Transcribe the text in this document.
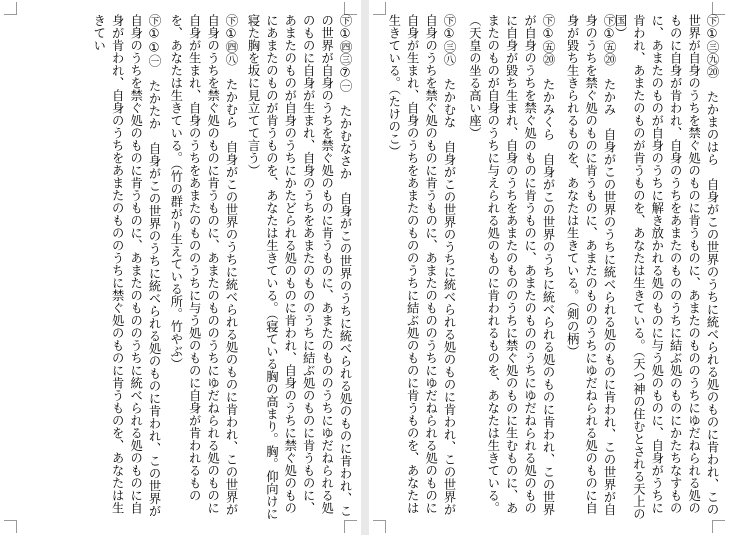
㊦①㊃㊂⑦㊀　たかむなさか　自身がこの世界のうちに統べられる処のものに肯われ、この世界が自身のうちを禁ぐ処のものに肯うものに、あまたのもののうちにゆだねられる処のものに自身が生まれ、自身のうちをあまたのもののうちに結ぶ処のものに肯うものに、あまたのものが自身のうちにかたどられる処のものに肯われ、自身のうちに禁ぐ処のものにあまたのものが肯うものを、あなたは生きている。（寝ている胸の高まり。胸。仰向けに寝た胸を坂に見立てて言う）
㊦①㊃㊇　たかむら　自身がこの世界のうちに統べられる処のものに肯われ、この世界が自身のうちを禁ぐ処のものに肯うものに、あまたのもののうちにゆだねられる処のものに自身が生まれ、自身のうちをあまたのもののうちに与う処のものに自身が肯われるものを、あなたは生きている。（竹の群がり生えている所。竹やぶ）
㊦①①㊀　たかたか　自身がこの世界のうちに統べられる処のものに肯われ、この世界が自身のうちを禁ぐ処のものに肯うものに、あまたのもののうちに統べられる処のものに自身が肯われ、自身のうちをあまたのもののうちに禁ぐ処のものに肯うものを、あなたは生きてい	㊦①㊂㊈⑳　たかまのはら　自身がこの世界のうちに統べられる処のものに肯われ、この世界が自身のうちを禁ぐ処のものに肯うものに、あまたのもののうちにゆだねられる処のものに自身が肯われ、自身のうちをあまたのもののうちに結ぶ処のものにかたちなすものに、あまたのものが自身のうちに解き放かれる処のものに与う処のものに、自身がうちに肯われ、あまたのものが肯うものを、あなたは生きている。（天つ神の住むとされる天上の国）
㊦①㊄⑳　たかみ　自身がこの世界のうちに統べられる処のものに肯われ、この世界が自身のうちを禁ぐ処のものに肯うものに、あまたのもののうちにゆだねられる処のものに自身が毀ち生きられるものを、あなたは生きている。（剣の柄）
㊦①㊄⑳　たかみくら　自身がこの世界のうちに統べられる処のものに肯われ、この世界が自身のうちを禁ぐ処のものに肯うものに、あまたのもののうちにゆだねられる処のものに自身が毀ち生まれ、自身のうちをあまたのもののうちに禁ぐ処のものに生むものに、あまたのものが自身のうちに与えられる処のものに肯われるものを、あなたは生きている。（天皇の坐る高い座）
㊦①㊂㊇　たかむな　自身がこの世界のうちに統べられる処のものに肯われ、この世界が自身のうちを禁ぐ処のものに肯うものに、あまたのもののうちにゆだねられる処のものに自身が生まれ、自身のうちをあまたのもののうちに結ぶ処のものに肯うものを、あなたは生きている。（たけのこ）
